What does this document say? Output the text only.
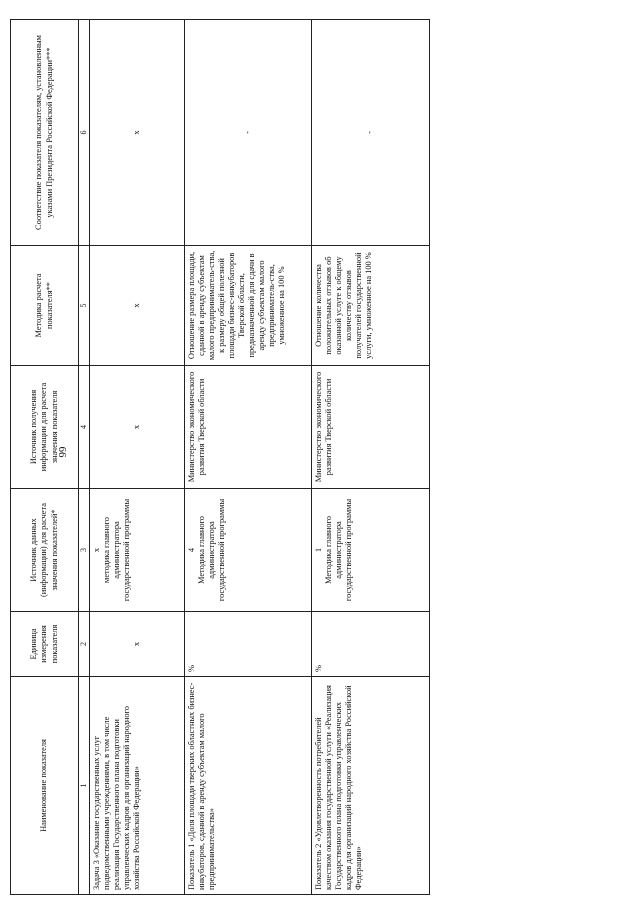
66
Наименование показателя	Единица измерения показателя	Источник данных (информации) для расчета значения показателей*	Источник получения информации для расчета значения показателя	Методика расчета показателя**	Соответствие показателя показателям, установленным указами Президента Российской Федерации***
1	2	3	4	5	6
Задача 3 «Оказание государственных услуг подведомственными учреждениями, в том числе реализация Государственного плана подготовки управленческих кадров для организаций народного хозяйства Российской Федерации»	x	x методика главного администратора государственной программы	x	x	x
Показатель 1 «Доля площади тверских областных бизнес-инкубаторов, сданной в аренду субъектам малого предпринимательства»	%	4 Методика главного администратора государственной программы	Министерство экономического развития Тверской области	Отношение размера площади, сданной в аренду субъектам малого предприниматель-ства, к размеру общей полезной площади бизнес-инкубаторов Тверской области, предназначенной для сдачи в аренду субъектам малого предприниматель-ства, умноженное на 100 %	-
Показатель 2 «Удовлетворенность потребителей качеством оказания государственной услуги «Реализация Государственного плана подготовки управленческих кадров для организаций народного хозяйства Российской Федерации»	%	1 Методика главного администратора государственной программы	Министерство экономического развития Тверской области	Отношение количества положительных отзывов об оказанной услуге к общему количеству отзывов получателей государственной услуги, умноженное на 100 %	-
